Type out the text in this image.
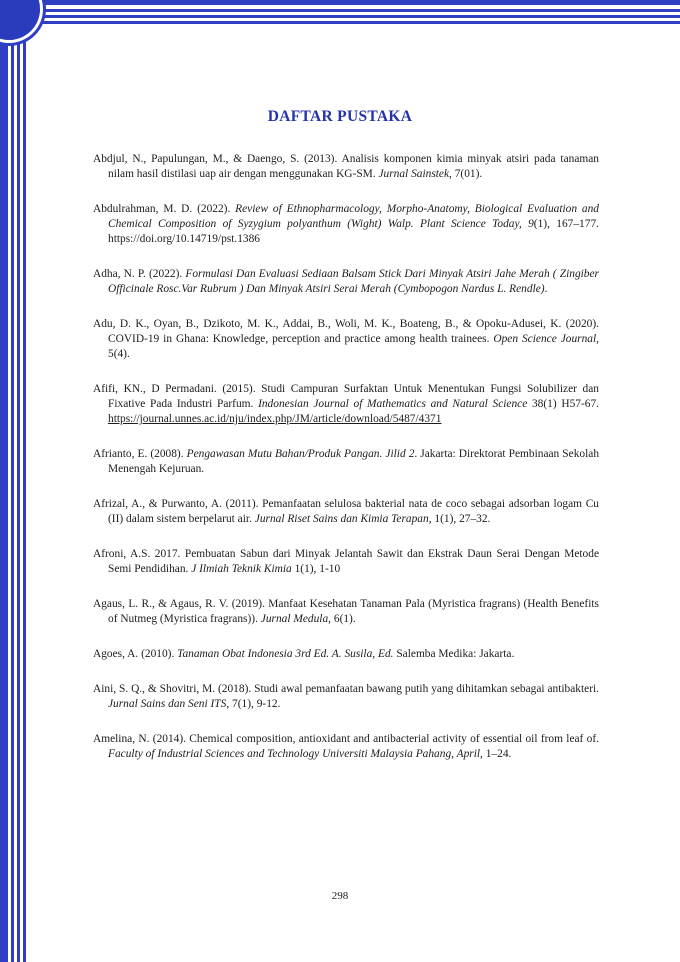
DAFTAR PUSTAKA

Abdjul, N., Papulungan, M., & Daengo, S. (2013). Analisis komponen kimia minyak atsiri pada tanaman nilam hasil distilasi uap air dengan menggunakan KG-SM. Jurnal Sainstek, 7(01).

Abdulrahman, M. D. (2022). Review of Ethnopharmacology, Morpho-Anatomy, Biological Evaluation and Chemical Composition of Syzygium polyanthum (Wight) Walp. Plant Science Today, 9(1), 167–177. https://doi.org/10.14719/pst.1386

Adha, N. P. (2022). Formulasi Dan Evaluasi Sediaan Balsam Stick Dari Minyak Atsiri Jahe Merah ( Zingiber Officinale Rosc.Var Rubrum ) Dan Minyak Atsiri Serai Merah (Cymbopogon Nardus L. Rendle).

Adu, D. K., Oyan, B., Dzikoto, M. K., Addai, B., Woli, M. K., Boateng, B., & Opoku-Adusei, K. (2020). COVID-19 in Ghana: Knowledge, perception and practice among health trainees. Open Science Journal, 5(4).

Afifi, KN., D Permadani. (2015). Studi Campuran Surfaktan Untuk Menentukan Fungsi Solubilizer dan Fixative Pada Industri Parfum. Indonesian Journal of Mathematics and Natural Science 38(1) H57-67. https://journal.unnes.ac.id/nju/index.php/JM/article/download/5487/4371

Afrianto, E. (2008). Pengawasan Mutu Bahan/Produk Pangan. Jilid 2. Jakarta: Direktorat Pembinaan Sekolah Menengah Kejuruan.

Afrizal, A., & Purwanto, A. (2011). Pemanfaatan selulosa bakterial nata de coco sebagai adsorban logam Cu (II) dalam sistem berpelarut air. Jurnal Riset Sains dan Kimia Terapan, 1(1), 27–32.

Afroni, A.S. 2017. Pembuatan Sabun dari Minyak Jelantah Sawit dan Ekstrak Daun Serai Dengan Metode Semi Pendidihan. J Ilmiah Teknik Kimia 1(1), 1-10

Agaus, L. R., & Agaus, R. V. (2019). Manfaat Kesehatan Tanaman Pala (Myristica fragrans) (Health Benefits of Nutmeg (Myristica fragrans)). Jurnal Medula, 6(1).

Agoes, A. (2010). Tanaman Obat Indonesia 3rd Ed. A. Susila, Ed. Salemba Medika: Jakarta.

Aini, S. Q., & Shovitri, M. (2018). Studi awal pemanfaatan bawang putih yang dihitamkan sebagai antibakteri. Jurnal Sains dan Seni ITS, 7(1), 9-12.

Amelina, N. (2014). Chemical composition, antioxidant and antibacterial activity of essential oil from leaf of. Faculty of Industrial Sciences and Technology Universiti Malaysia Pahang, April, 1–24.

298
